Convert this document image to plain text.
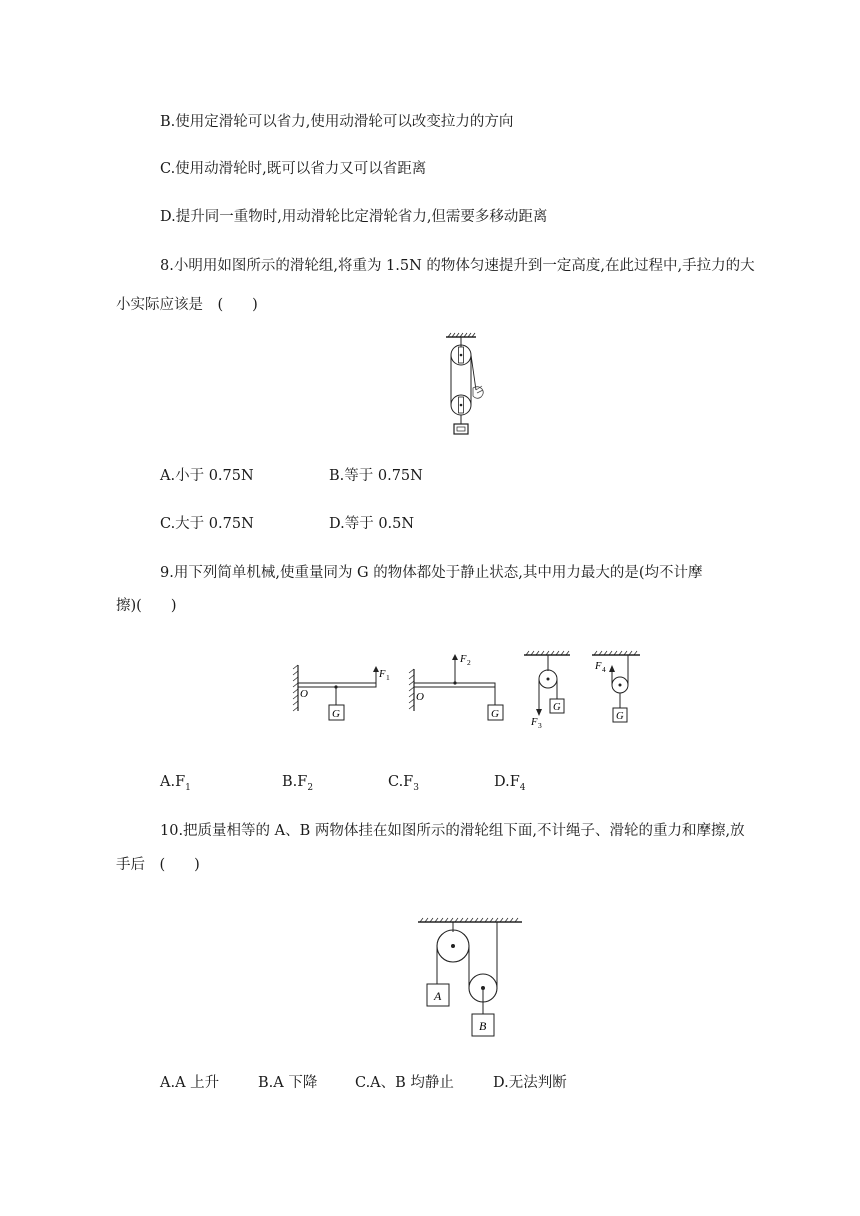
B.使用定滑轮可以省力,使用动滑轮可以改变拉力的方向
C.使用动滑轮时,既可以省力又可以省距离
D.提升同一重物时,用动滑轮比定滑轮省力,但需要多移动距离
8.小明用如图所示的滑轮组,将重为 1.5N 的物体匀速提升到一定高度,在此过程中,手拉力的大
小实际应该是　(　　)
A.小于 0.75N	B.等于 0.75N
C.大于 0.75N	D.等于 0.5N
9.用下列简单机械,使重量同为 G 的物体都处于静止状态,其中用力最大的是(均不计摩
擦)(　　)
G
O
F 1
F 2
O
G
F 3
G
F 4
G
$A.F_1$	$B.F_2$	$C.F_3$	$D.F_4$
10.把质量相等的 A、B 两物体挂在如图所示的滑轮组下面,不计绳子、滑轮的重力和摩擦,放
手后　(　　)
A
B
A.A 上升	B.A 下降	C.A、B 均静止	D.无法判断
